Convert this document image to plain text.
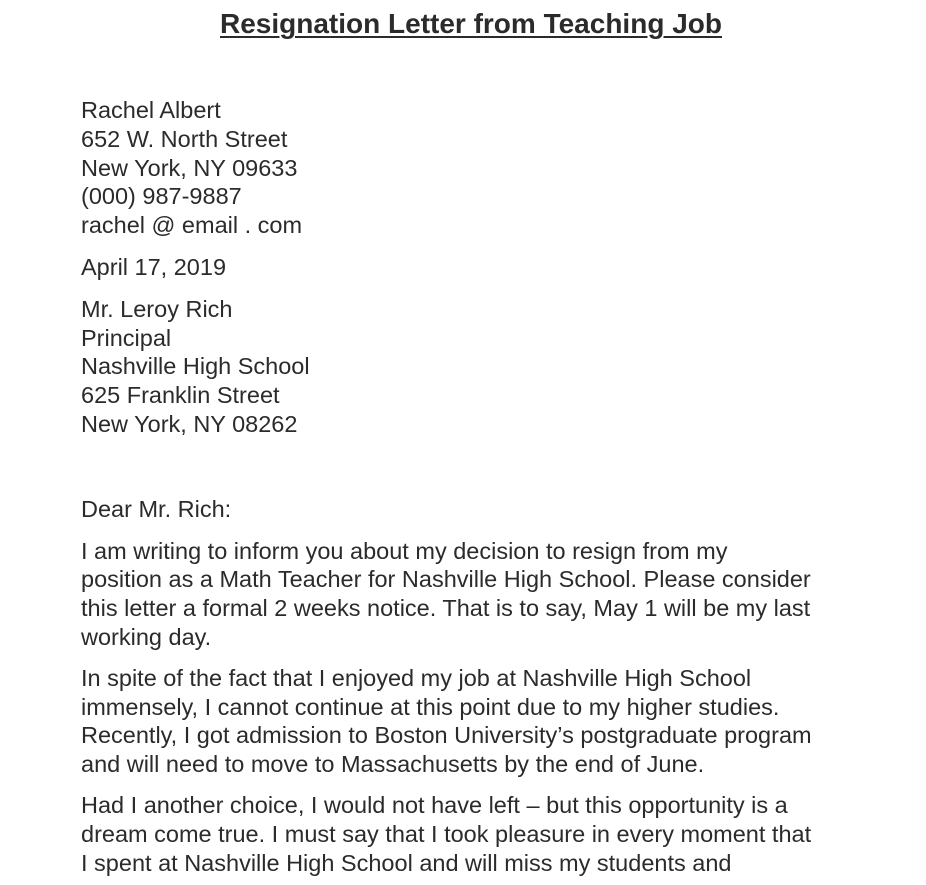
Resignation Letter from Teaching Job
Rachel Albert
652 W. North Street
New York, NY 09633
(000) 987-9887
rachel @ email . com
April 17, 2019
Mr. Leroy Rich
Principal
Nashville High School
625 Franklin Street
New York, NY 08262
Dear Mr. Rich:
I am writing to inform you about my decision to resign from my
position as a Math Teacher for Nashville High School. Please consider
this letter a formal 2 weeks notice. That is to say, May 1 will be my last
working day.
In spite of the fact that I enjoyed my job at Nashville High School
immensely, I cannot continue at this point due to my higher studies.
Recently, I got admission to Boston University’s postgraduate program
and will need to move to Massachusetts by the end of June.
Had I another choice, I would not have left – but this opportunity is a
dream come true. I must say that I took pleasure in every moment that
I spent at Nashville High School and will miss my students and
